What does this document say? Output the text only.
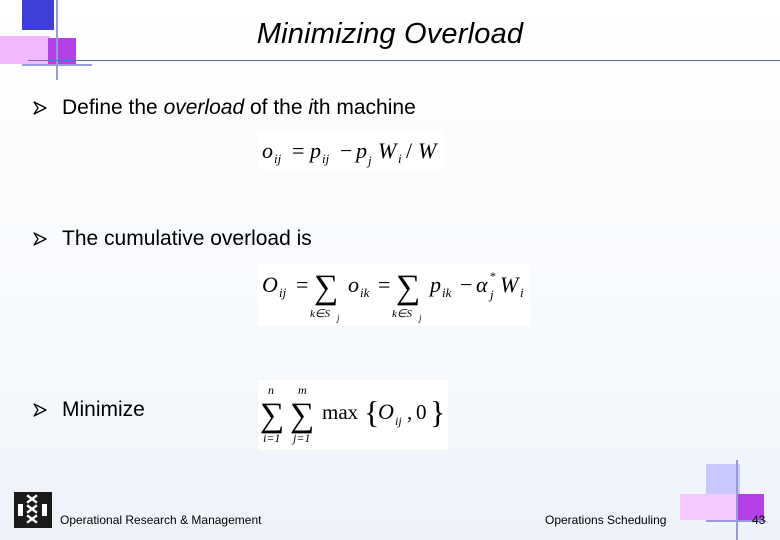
Minimizing Overload
Define the overload of the ith machine
o ij = p ij − p j W i / W
The cumulative overload is
O ij = ∑
k∈S j
o ik = ∑
k∈S j
p ik − α *
j W i
Minimize
n m
∑ ∑
i=1 j=1
max {
O ij , 0 }
Operational Research & Management	Operations Scheduling	43
